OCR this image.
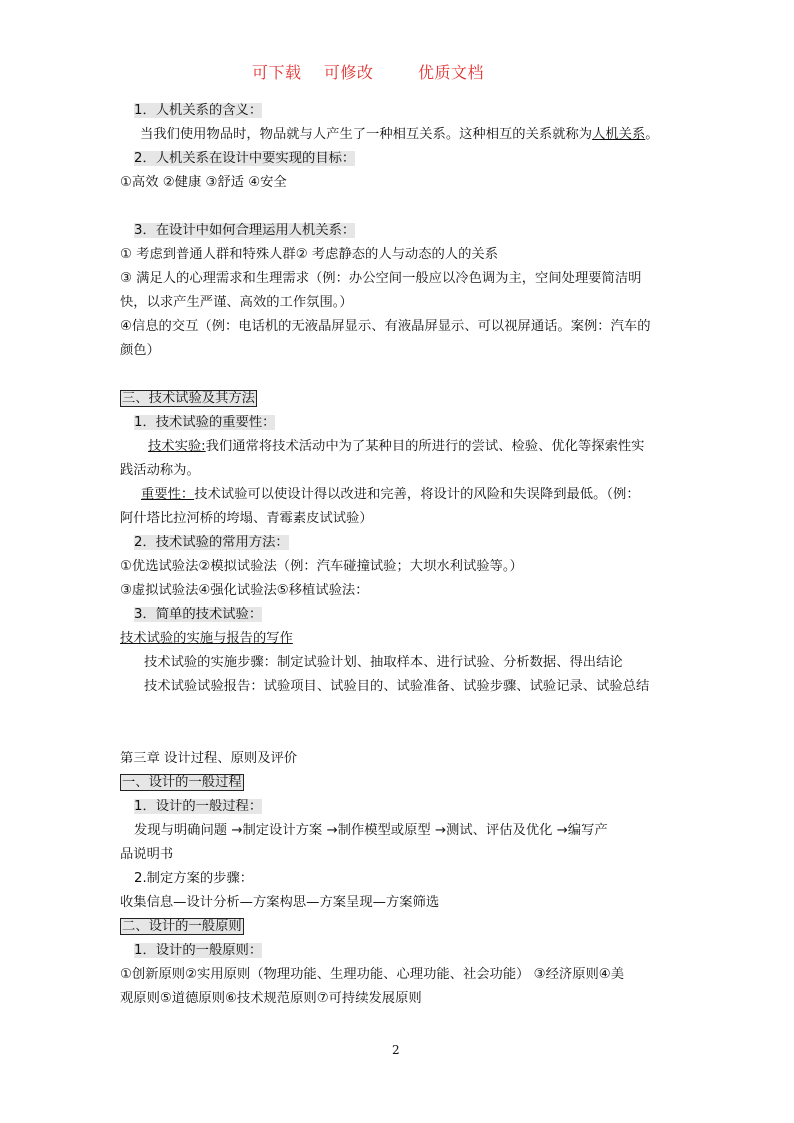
可下载    可修改        优质文档
1．人机关系的含义：
当我们使用物品时，物品就与人产生了一种相互关系。这种相互的关系就称为人机关系。
2．人机关系在设计中要实现的目标：
①高效 ②健康 ③舒适 ④安全
3．在设计中如何合理运用人机关系：
① 考虑到普通人群和特殊人群② 考虑静态的人与动态的人的关系
③ 满足人的心理需求和生理需求（例：办公空间一般应以冷色调为主，空间处理要简洁明
快，以求产生严谨、高效的工作氛围。）
④信息的交互（例：电话机的无液晶屏显示、有液晶屏显示、可以视屏通话。案例：汽车的
颜色）
三、技术试验及其方法
1．技术试验的重要性：
技术实验:我们通常将技术活动中为了某种目的所进行的尝试、检验、优化等探索性实
践活动称为。
重要性：技术试验可以使设计得以改进和完善，将设计的风险和失误降到最低。（例：
阿什塔比拉河桥的垮塌、青霉素皮试试验）
2．技术试验的常用方法：
①优选试验法②模拟试验法（例：汽车碰撞试验；大坝水利试验等。）
③虚拟试验法④强化试验法⑤移植试验法：
3．简单的技术试验：
技术试验的实施与报告的写作
技术试验的实施步骤：制定试验计划、抽取样本、进行试验、分析数据、得出结论
技术试验试验报告：试验项目、试验目的、试验准备、试验步骤、试验记录、试验总结
第三章 设计过程、原则及评价
一、设计的一般过程
1．设计的一般过程：
发现与明确问题 →制定设计方案 →制作模型或原型 →测试、评估及优化 →编写产
品说明书
2.制定方案的步骤：
收集信息—设计分析—方案构思—方案呈现—方案筛选
二、设计的一般原则
1．设计的一般原则：
①创新原则②实用原则（物理功能、生理功能、心理功能、社会功能） ③经济原则④美
观原则⑤道德原则⑥技术规范原则⑦可持续发展原则
2
